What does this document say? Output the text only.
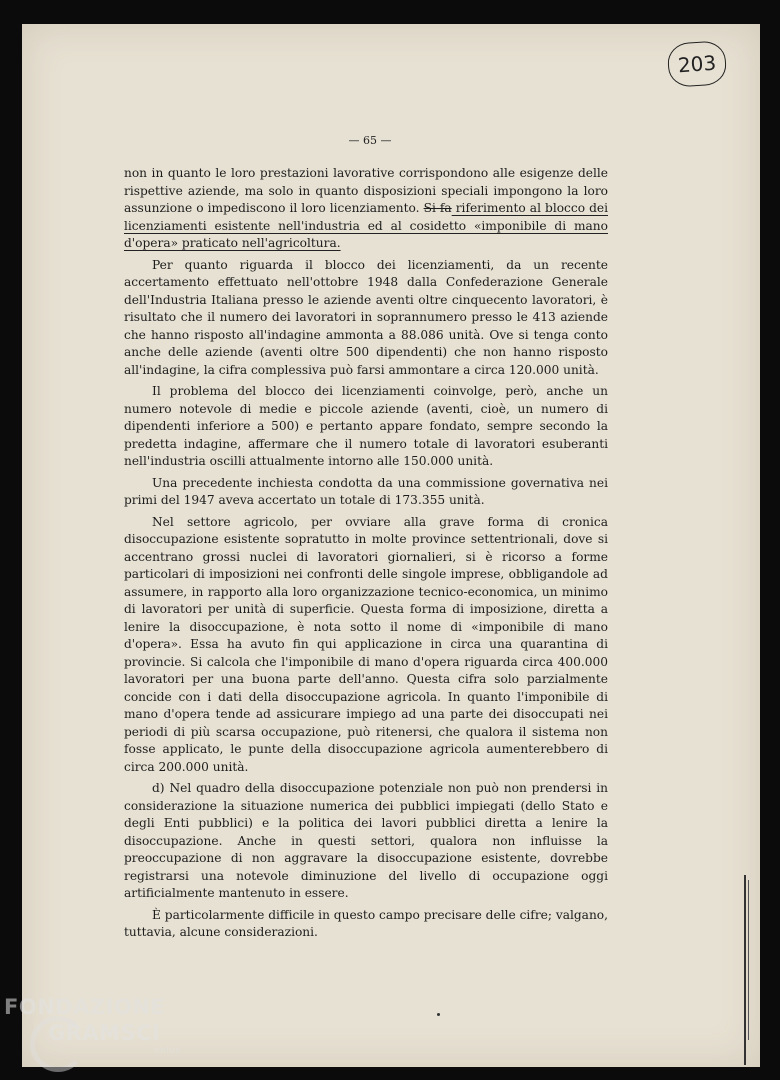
203
— 65 —

non in quanto le loro prestazioni lavorative corrispondono alle esigenze delle rispettive aziende, ma solo in quanto disposizioni speciali impongono la loro assunzione o impediscono il loro licenziamento. Si fa riferimento al blocco dei licenziamenti esistente nell'industria ed al cosidetto «imponibile di mano d'opera» praticato nell'agricoltura.

Per quanto riguarda il blocco dei licenziamenti, da un recente accertamento effettuato nell'ottobre 1948 dalla Confederazione Generale dell'Industria Italiana presso le aziende aventi oltre cinquecento lavoratori, è risultato che il numero dei lavoratori in soprannumero presso le 413 aziende che hanno risposto all'indagine ammonta a 88.086 unità. Ove si tenga conto anche delle aziende (aventi oltre 500 dipendenti) che non hanno risposto all'indagine, la cifra complessiva può farsi ammontare a circa 120.000 unità.

Il problema del blocco dei licenziamenti coinvolge, però, anche un numero notevole di medie e piccole aziende (aventi, cioè, un numero di dipendenti inferiore a 500) e pertanto appare fondato, sempre secondo la predetta indagine, affermare che il numero totale di lavoratori esuberanti nell'industria oscilli attualmente intorno alle 150.000 unità.

Una precedente inchiesta condotta da una commissione governativa nei primi del 1947 aveva accertato un totale di 173.355 unità.

Nel settore agricolo, per ovviare alla grave forma di cronica disoccupazione esistente sopratutto in molte province settentrionali, dove si accentrano grossi nuclei di lavoratori giornalieri, si è ricorso a forme particolari di imposizioni nei confronti delle singole imprese, obbligandole ad assumere, in rapporto alla loro organizzazione tecnico-economica, un minimo di lavoratori per unità di superficie. Questa forma di imposizione, diretta a lenire la disoccupazione, è nota sotto il nome di «imponibile di mano d'opera». Essa ha avuto fin qui applicazione in circa una quarantina di provincie. Si calcola che l'imponibile di mano d'opera riguarda circa 400.000 lavoratori per una buona parte dell'anno. Questa cifra solo parzialmente concide con i dati della disoccupazione agricola. In quanto l'imponibile di mano d'opera tende ad assicurare impiego ad una parte dei disoccupati nei periodi di più scarsa occupazione, può ritenersi, che qualora il sistema non fosse applicato, le punte della disoccupazione agricola aumenterebbero di circa 200.000 unità.

d) Nel quadro della disoccupazione potenziale non può non prendersi in considerazione la situazione numerica dei pubblici impiegati (dello Stato e degli Enti pubblici) e la politica dei lavori pubblici diretta a lenire la disoccupazione. Anche in questi settori, qualora non influisse la preoccupazione di non aggravare la disoccupazione esistente, dovrebbe registrarsi una notevole diminuzione del livello di occupazione oggi artificialmente mantenuto in essere.

È particolarmente difficile in questo campo precisare delle cifre; valgano, tuttavia, alcune considerazioni.

FONDAZIONE
GRAMSCI
onlus
